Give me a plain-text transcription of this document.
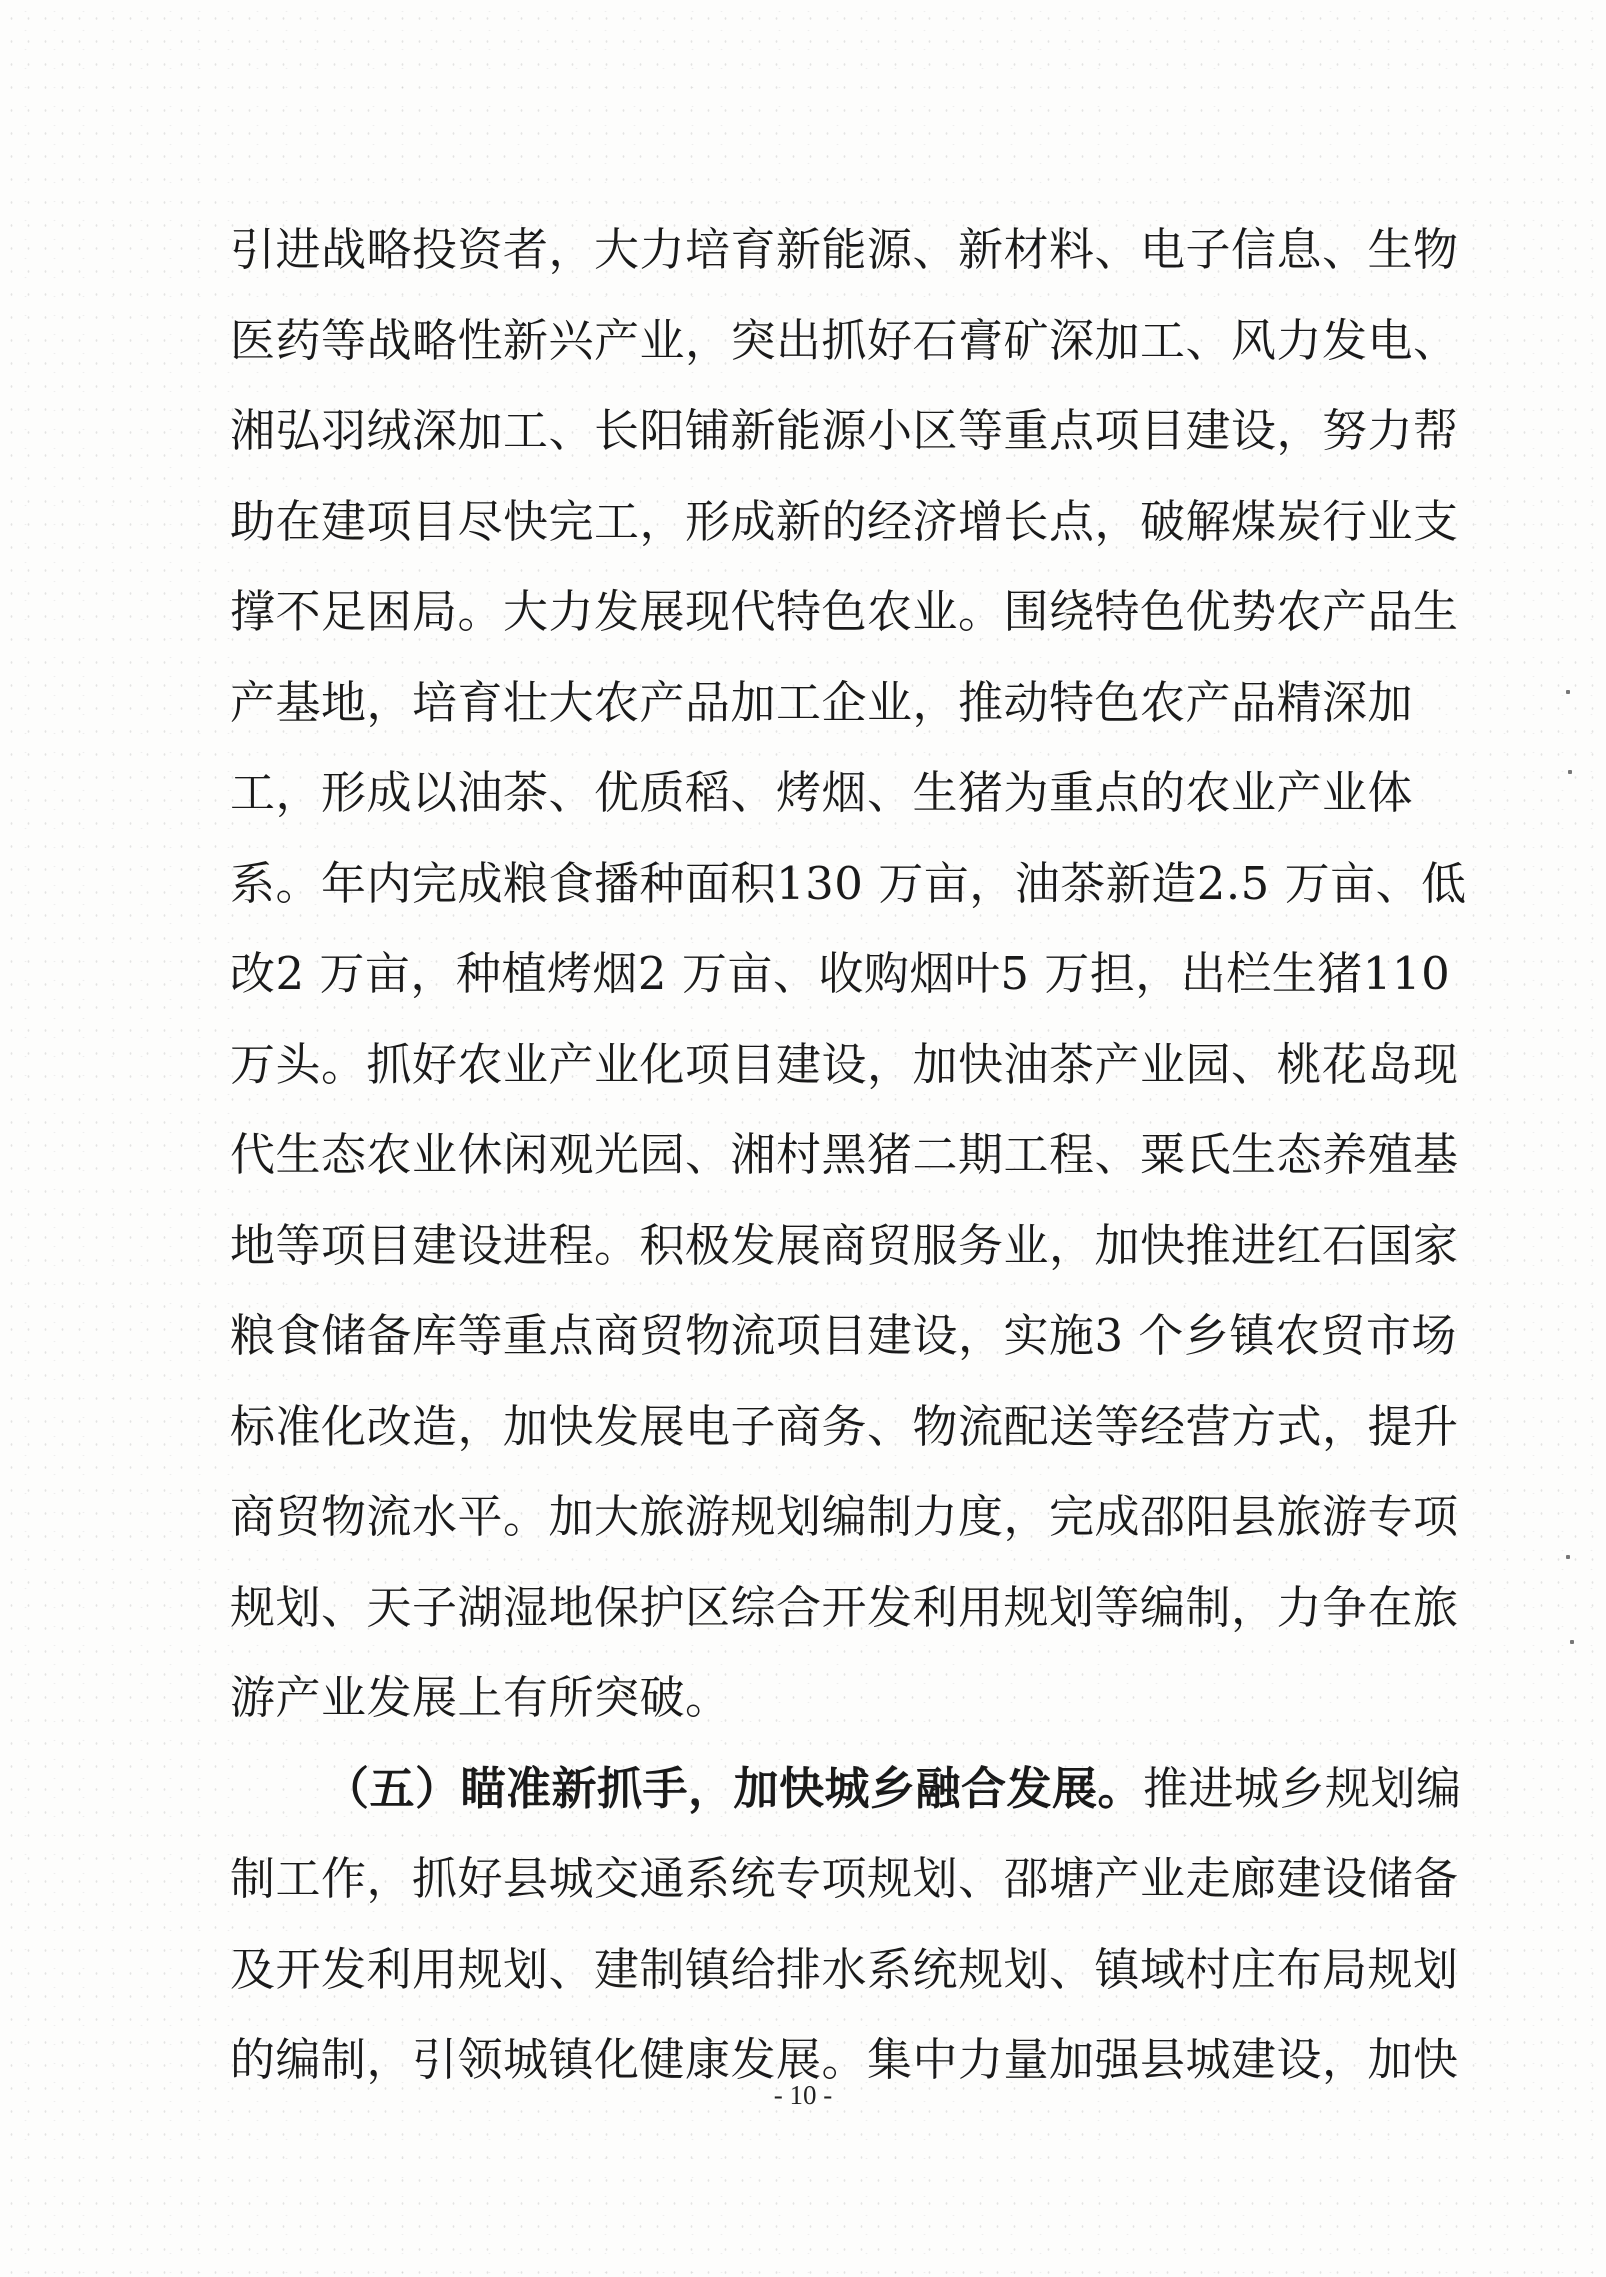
引进战略投资者，大力培育新能源、新材料、电子信息、生物
医药等战略性新兴产业，突出抓好石膏矿深加工、风力发电、
湘弘羽绒深加工、长阳铺新能源小区等重点项目建设，努力帮
助在建项目尽快完工，形成新的经济增长点，破解煤炭行业支
撑不足困局。大力发展现代特色农业。围绕特色优势农产品生
产基地，培育壮大农产品加工企业，推动特色农产品精深加
工，形成以油茶、优质稻、烤烟、生猪为重点的农业产业体
系。年内完成粮食播种面积130 万亩，油茶新造2.5 万亩、低
改2 万亩，种植烤烟2 万亩、收购烟叶5 万担，出栏生猪110
万头。抓好农业产业化项目建设，加快油茶产业园、桃花岛现
代生态农业休闲观光园、湘村黑猪二期工程、粟氏生态养殖基
地等项目建设进程。积极发展商贸服务业，加快推进红石国家
粮食储备库等重点商贸物流项目建设，实施3 个乡镇农贸市场
标准化改造，加快发展电子商务、物流配送等经营方式，提升
商贸物流水平。加大旅游规划编制力度，完成邵阳县旅游专项
规划、天子湖湿地保护区综合开发利用规划等编制，力争在旅
游产业发展上有所突破。
（五）瞄准新抓手，加快城乡融合发展。推进城乡规划编
制工作，抓好县城交通系统专项规划、邵塘产业走廊建设储备
及开发利用规划、建制镇给排水系统规划、镇域村庄布局规划
的编制，引领城镇化健康发展。集中力量加强县城建设，加快
- 10 -
